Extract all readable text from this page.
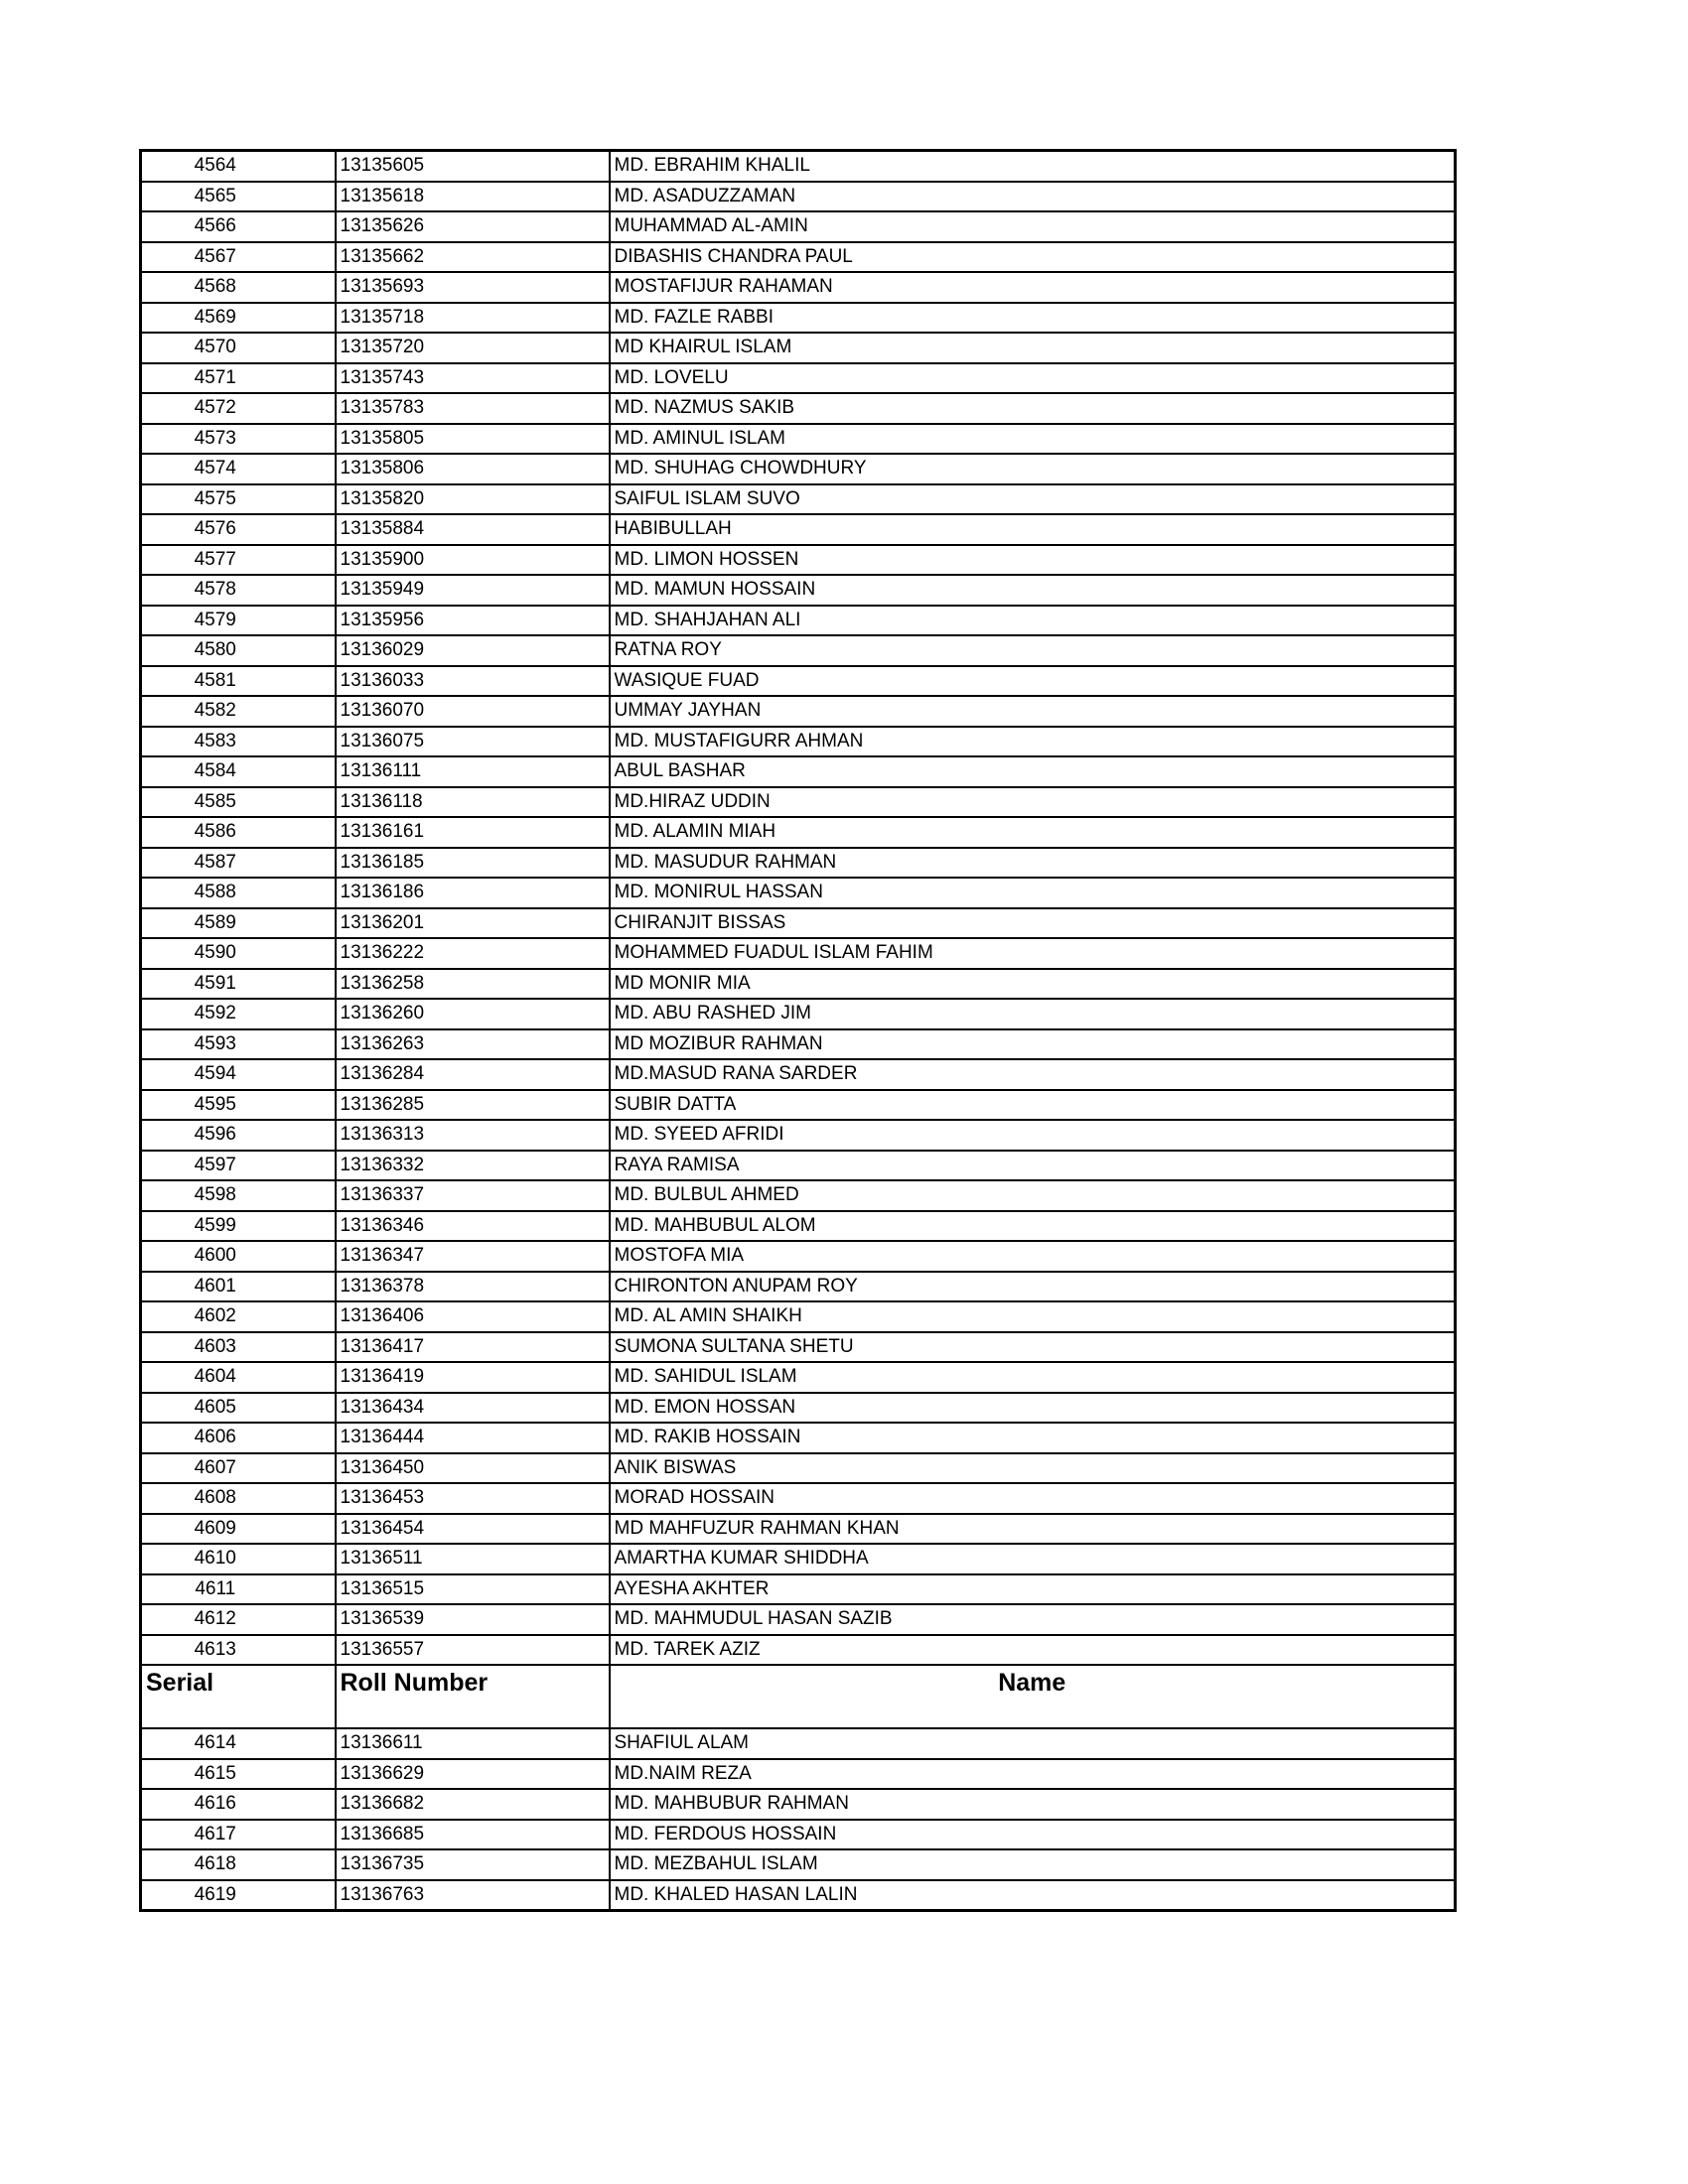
4564	13135605	MD. EBRAHIM KHALIL
4565	13135618	MD. ASADUZZAMAN
4566	13135626	MUHAMMAD AL-AMIN
4567	13135662	DIBASHIS CHANDRA PAUL
4568	13135693	MOSTAFIJUR RAHAMAN
4569	13135718	MD. FAZLE RABBI
4570	13135720	MD KHAIRUL ISLAM
4571	13135743	MD. LOVELU
4572	13135783	MD. NAZMUS SAKIB
4573	13135805	MD. AMINUL ISLAM
4574	13135806	MD. SHUHAG CHOWDHURY
4575	13135820	SAIFUL ISLAM SUVO
4576	13135884	HABIBULLAH
4577	13135900	MD. LIMON HOSSEN
4578	13135949	MD. MAMUN HOSSAIN
4579	13135956	MD. SHAHJAHAN ALI
4580	13136029	RATNA ROY
4581	13136033	WASIQUE FUAD
4582	13136070	UMMAY JAYHAN
4583	13136075	MD. MUSTAFIGURR AHMAN
4584	13136111	ABUL BASHAR
4585	13136118	MD.HIRAZ UDDIN
4586	13136161	MD. ALAMIN MIAH
4587	13136185	MD. MASUDUR RAHMAN
4588	13136186	MD. MONIRUL HASSAN
4589	13136201	CHIRANJIT BISSAS
4590	13136222	MOHAMMED FUADUL ISLAM FAHIM
4591	13136258	MD MONIR MIA
4592	13136260	MD. ABU RASHED JIM
4593	13136263	MD MOZIBUR RAHMAN
4594	13136284	MD.MASUD RANA SARDER
4595	13136285	SUBIR DATTA
4596	13136313	MD. SYEED AFRIDI
4597	13136332	RAYA RAMISA
4598	13136337	MD. BULBUL AHMED
4599	13136346	MD. MAHBUBUL ALOM
4600	13136347	MOSTOFA MIA
4601	13136378	CHIRONTON ANUPAM ROY
4602	13136406	MD. AL AMIN SHAIKH
4603	13136417	SUMONA SULTANA SHETU
4604	13136419	MD. SAHIDUL ISLAM
4605	13136434	MD. EMON HOSSAN
4606	13136444	MD. RAKIB HOSSAIN
4607	13136450	ANIK BISWAS
4608	13136453	MORAD HOSSAIN
4609	13136454	MD MAHFUZUR RAHMAN KHAN
4610	13136511	AMARTHA KUMAR SHIDDHA
4611	13136515	AYESHA AKHTER
4612	13136539	MD. MAHMUDUL HASAN SAZIB
4613	13136557	MD. TAREK AZIZ
Serial	Roll Number	Name
4614	13136611	SHAFIUL ALAM
4615	13136629	MD.NAIM REZA
4616	13136682	MD. MAHBUBUR RAHMAN
4617	13136685	MD. FERDOUS HOSSAIN
4618	13136735	MD. MEZBAHUL ISLAM
4619	13136763	MD. KHALED HASAN LALIN
